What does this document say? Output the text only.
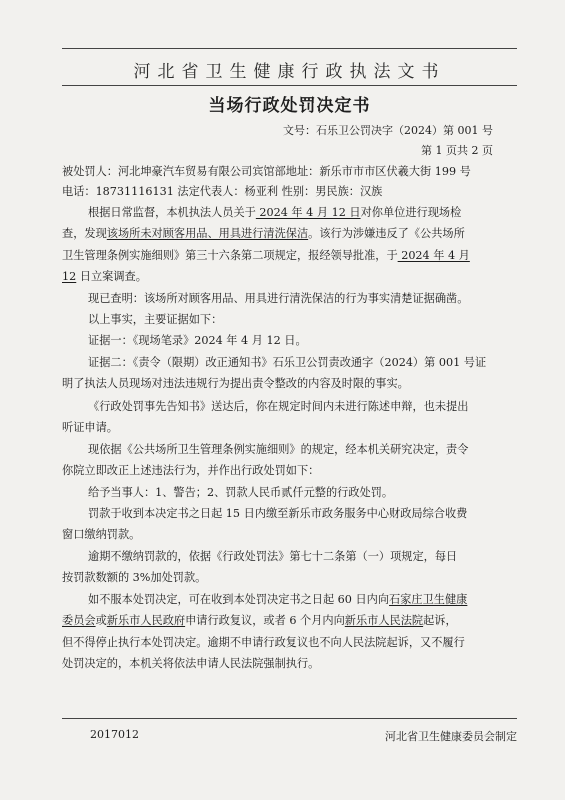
河北省卫生健康行政执法文书
当场行政处罚决定书
文号：石乐卫公罚决字（2024）第 001 号
第 1 页共 2 页
被处罚人：河北坤豪汽车贸易有限公司宾馆部地址：新乐市市市区伏羲大街 199 号
电话：18731116131 法定代表人：杨亚利 性别：男民族：汉族
根据日常监督，本机执法人员关于 2024 年 4 月 12 日对你单位进行现场检
查，发现该场所未对顾客用品、用具进行清洗保洁。该行为涉嫌违反了《公共场所
卫生管理条例实施细则》第三十六条第二项规定，报经领导批准，于 2024 年 4 月
12 日立案调查。
现已查明：该场所对顾客用品、用具进行清洗保洁的行为事实清楚证据确凿。
以上事实，主要证据如下：
证据一：《现场笔录》2024 年 4 月 12 日。
证据二：《责令（限期）改正通知书》石乐卫公罚责改通字（2024）第 001 号证
明了执法人员现场对违法违规行为提出责令整改的内容及时限的事实。
《行政处罚事先告知书》送达后，你在规定时间内未进行陈述申辩，也未提出
听证申请。
现依据《公共场所卫生管理条例实施细则》的规定，经本机关研究决定，责令
你院立即改正上述违法行为，并作出行政处罚如下：
给予当事人：1、警告；2、罚款人民币贰仟元整的行政处罚。
罚款于收到本决定书之日起 15 日内缴至新乐市政务服务中心财政局综合收费
窗口缴纳罚款。
逾期不缴纳罚款的，依据《行政处罚法》第七十二条第（一）项规定，每日
按罚款数额的 3%加处罚款。
如不服本处罚决定，可在收到本处罚决定书之日起 60 日内向石家庄卫生健康
委员会或新乐市人民政府申请行政复议，或者 6 个月内向新乐市人民法院起诉，
但不得停止执行本处罚决定。逾期不申请行政复议也不向人民法院起诉，又不履行
处罚决定的，本机关将依法申请人民法院强制执行。
2017012	河北省卫生健康委员会制定
